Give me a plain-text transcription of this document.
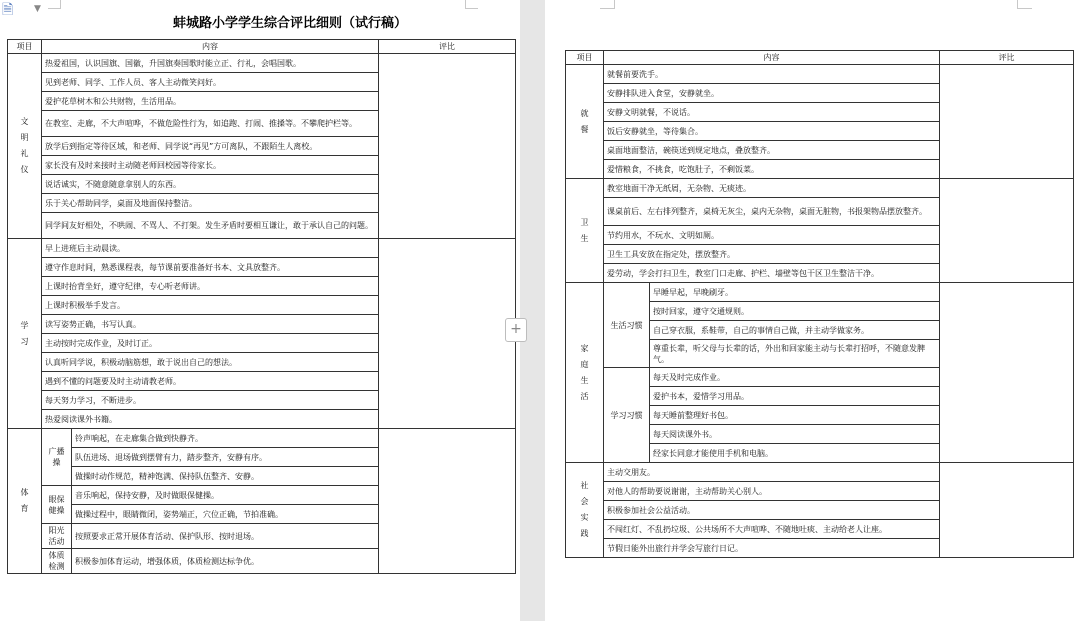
🗎 ▼
蚌城路小学学生综合评比细则（试行稿）
项目	内容		评比
文明礼仪	热爱祖国，认识国旗、国徽，升国旗奏国歌时能立正、行礼，会唱国歌。		
	见到老师、同学、工作人员、客人主动微笑问好。		
	爱护花草树木和公共财物，生活用品。		
	在教室、走廊，不大声喧哗，不做危险性行为，如追跑、打闹、推搡等。不攀爬护栏等。		
	放学后到指定等待区域，和老师、同学说“再见”方可离队，不跟陌生人离校。		
	家长没有及时来接时主动随老师回校园等待家长。		
	说话诚实，不随意随意拿别人的东西。		
	乐于关心帮助同学，桌面及地面保持整洁。		
	同学间友好相处，不哄闹、不骂人、不打架。发生矛盾时要相互谦让，敢于承认自己的问题。		
学习	早上进班后主动晨读。		
	遵守作息时间，熟悉课程表，每节课前要准备好书本、文具放整齐。		
	上课时抬背坐好，遵守纪律，专心听老师讲。		
	上课时积极举手发言。		
	读写姿势正确，书写认真。		
	主动按时完成作业，及时订正。		
	认真听同学说，积极动脑筋想，敢于说出自己的想法。		
	遇到不懂的问题要及时主动请教老师。		
	每天努力学习，不断进步。		
	热爱阅读课外书籍。		
体育	广播操	铃声响起，在走廊集合做到快静齐。	
		队伍进场、退场做到摆臂有力，踏步整齐，安静有序。	
		做操时动作规范，精神饱满、保持队伍整齐、安静。	
	眼保健操	音乐响起，保持安静，及时做眼保健操。	
		做操过程中，眼睛微闭，姿势端正，穴位正确，节拍准确。	
	阳光活动	按照要求正常开展体育活动、保护队形、按时退场。	
	体质检测	积极参加体育运动，增强体质，体质检测达标争优。	
+
项目	内容		评比
就餐	就餐前要洗手。		
	安静排队进入食堂，安静就坐。		
	安静文明就餐，不说话。		
	饭后安静就坐，等待集合。		
	桌面地面整洁，碗筷送到规定地点，叠放整齐。		
	爱惜粮食，不挑食，吃饱肚子，不剩饭菜。		
卫生	教室地面干净无纸屑，无杂物、无痰迹。		
	课桌前后、左右排列整齐，桌椅无灰尘，桌内无杂物，桌面无脏物，书报架物品摆放整齐。		
	节约用水，不玩水、文明如厕。		
	卫生工具安放在指定处，摆放整齐。		
	爱劳动，学会打扫卫生，教室门口走廊、护栏、墙壁等包干区卫生整洁干净。		
家庭生活	生活习惯	早睡早起，早晚刷牙。	
		按时回家，遵守交通规则。	
		自己穿衣服，系鞋带，自己的事情自己做，并主动学做家务。	
		尊重长辈，听父母与长辈的话，外出和回家能主动与长辈打招呼，不随意发脾气。	
	学习习惯	每天及时完成作业。	
		爱护书本，爱惜学习用品。	
		每天睡前整理好书包。	
		每天阅读课外书。	
		经家长同意才能使用手机和电脑。	
社会实践	主动交朋友。		
	对他人的帮助要说谢谢，主动帮助关心别人。		
	积极参加社会公益活动。		
	不闯红灯、不乱扔垃圾、公共场所不大声喧哗、不随地吐痰、主动给老人让座。		
	节假日能外出旅行并学会写旅行日记。		
